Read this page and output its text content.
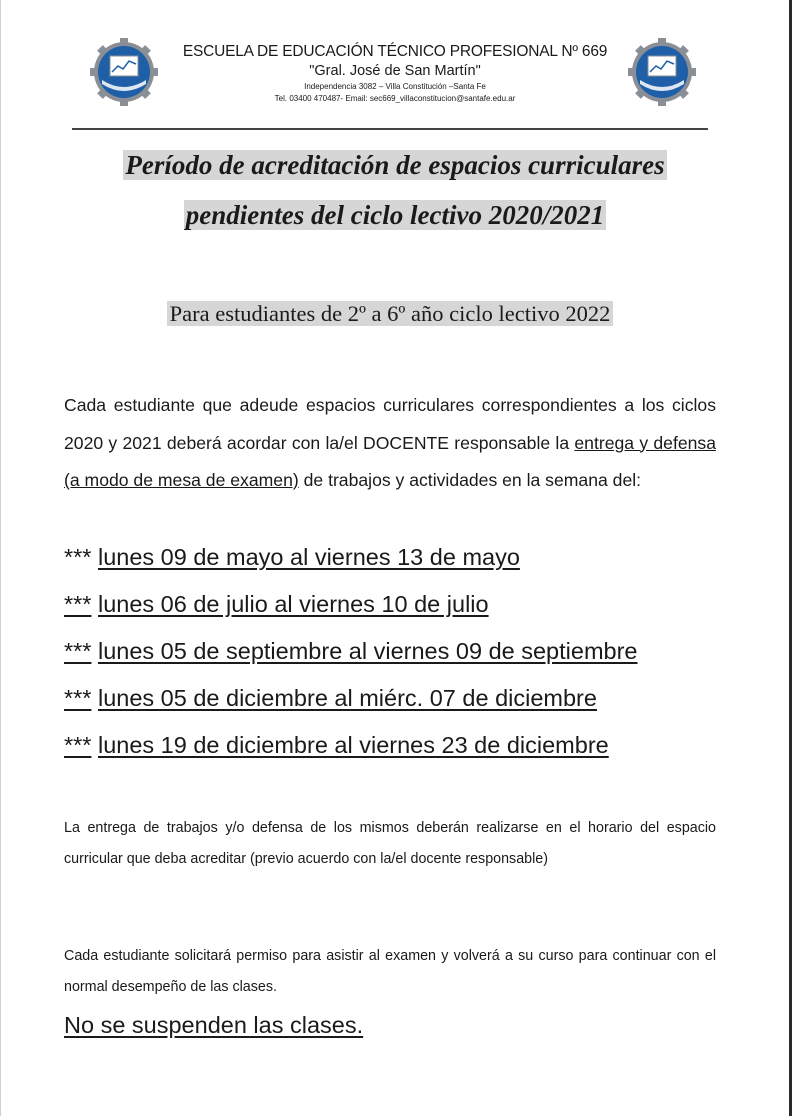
ESCUELA DE EDUCACIÓN TÉCNICO PROFESIONAL Nº 669
"Gral. José de San Martín"
Independencia 3082 – Villa Constitución –Santa Fe
Tel. 03400 470487- Email: sec669_villaconstitucion@santafe.edu.ar
Período de acreditación de espacios curriculares
pendientes del ciclo lectivo 2020/2021
Para estudiantes de 2º a 6º año ciclo lectivo 2022
Cada estudiante que adeude espacios curriculares correspondientes a los ciclos 2020 y 2021 deberá acordar con la/el DOCENTE responsable la entrega y defensa (a modo de mesa de examen) de trabajos y actividades en la semana del:
*** lunes 09 de mayo al viernes 13 de mayo
*** lunes 06 de julio al viernes 10 de julio
*** lunes 05 de septiembre al viernes 09 de septiembre
*** lunes 05 de diciembre al miérc. 07 de diciembre
*** lunes 19 de diciembre al viernes 23 de diciembre
La entrega de trabajos y/o defensa de los mismos deberán realizarse en el horario del espacio curricular que deba acreditar (previo acuerdo con la/el docente responsable)
Cada estudiante solicitará permiso para asistir al examen y volverá a su curso para continuar con el normal desempeño de las clases.
No se suspenden las clases.
